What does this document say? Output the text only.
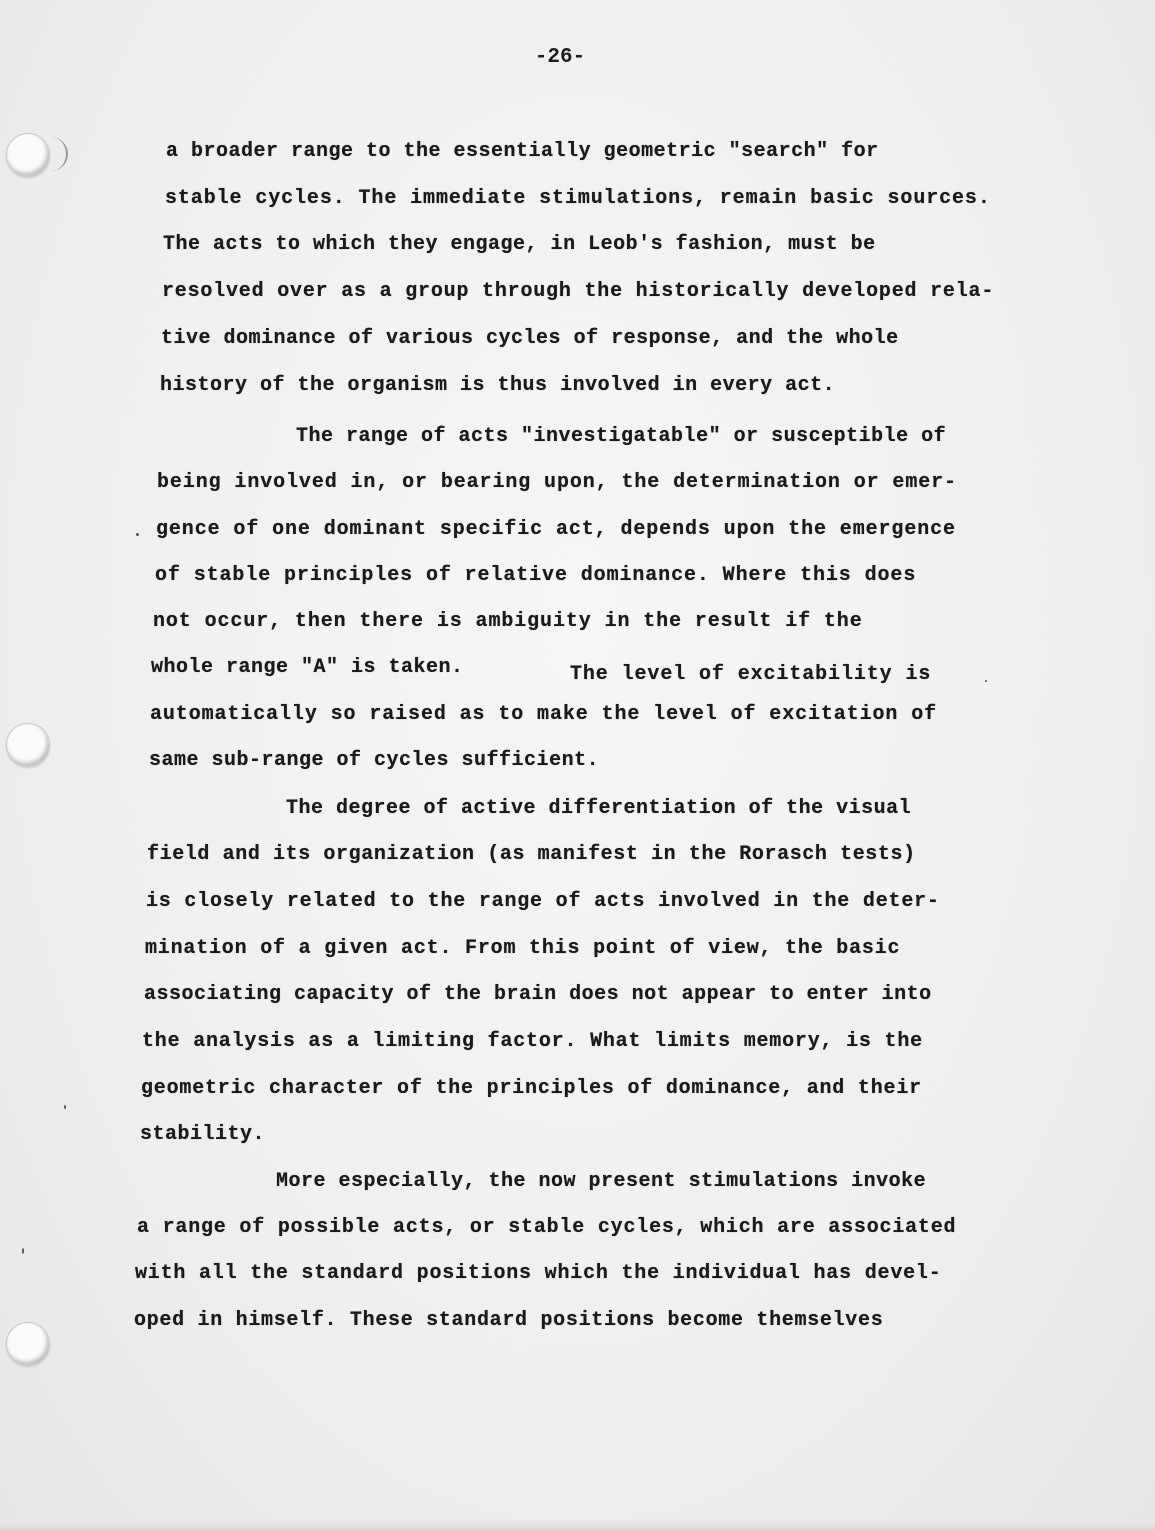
-26-
a broader range to the essentially geometric "search" for
stable cycles. The immediate stimulations, remain basic sources.
The acts to which they engage, in Leob's fashion, must be
resolved over as a group through the historically developed rela-
tive dominance of various cycles of response, and the whole
history of the organism is thus involved in every act.
The range of acts "investigatable" or susceptible of
being involved in, or bearing upon, the determination or emer-
gence of one dominant specific act, depends upon the emergence
of stable principles of relative dominance. Where this does
not occur, then there is ambiguity in the result if the
whole range "A" is taken.	The level of excitability is
automatically so raised as to make the level of excitation of
same sub-range of cycles sufficient.
The degree of active differentiation of the visual
field and its organization (as manifest in the Rorasch tests)
is closely related to the range of acts involved in the deter-
mination of a given act. From this point of view, the basic
associating capacity of the brain does not appear to enter into
the analysis as a limiting factor. What limits memory, is the
geometric character of the principles of dominance, and their
stability.
More especially, the now present stimulations invoke
a range of possible acts, or stable cycles, which are associated
with all the standard positions which the individual has devel-
oped in himself. These standard positions become themselves
